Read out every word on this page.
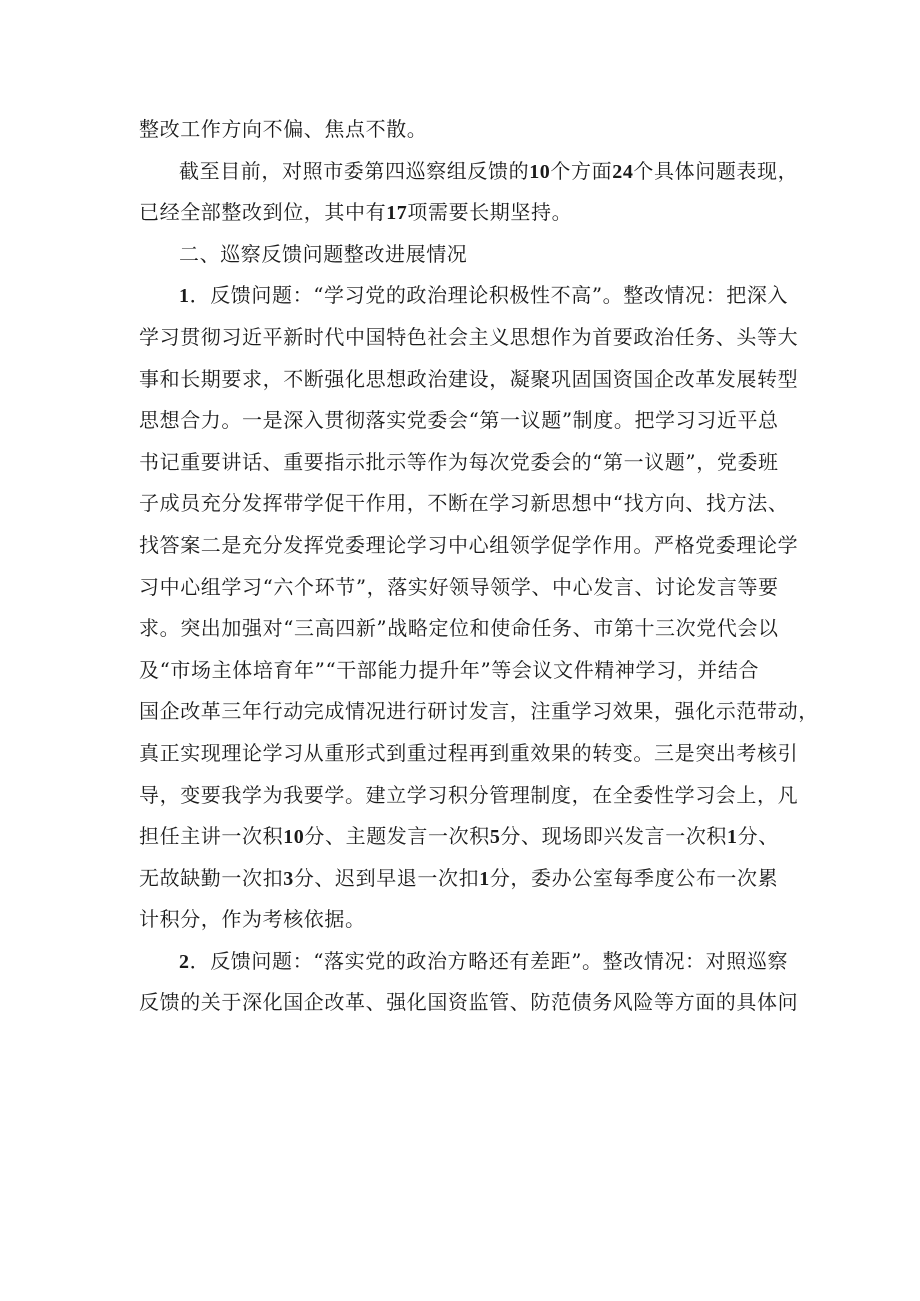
整改工作方向不偏、焦点不散。
截至目前，对照市委第四巡察组反馈的10个方面24个具体问题表现，
已经全部整改到位，其中有17项需要长期坚持。
二、巡察反馈问题整改进展情况
1．反馈问题：“学习党的政治理论积极性不高”。整改情况：把深入
学习贯彻习近平新时代中国特色社会主义思想作为首要政治任务、头等大
事和长期要求，不断强化思想政治建设，凝聚巩固国资国企改革发展转型
思想合力。一是深入贯彻落实党委会“第一议题”制度。把学习习近平总
书记重要讲话、重要指示批示等作为每次党委会的“第一议题”，党委班
子成员充分发挥带学促干作用，不断在学习新思想中“找方向、找方法、
找答案二是充分发挥党委理论学习中心组领学促学作用。严格党委理论学
习中心组学习“六个环节”，落实好领导领学、中心发言、讨论发言等要
求。突出加强对“三高四新”战略定位和使命任务、市第十三次党代会以
及“市场主体培育年”“干部能力提升年”等会议文件精神学习，并结合
国企改革三年行动完成情况进行研讨发言，注重学习效果，强化示范带动，
真正实现理论学习从重形式到重过程再到重效果的转变。三是突出考核引
导，变要我学为我要学。建立学习积分管理制度，在全委性学习会上，凡
担任主讲一次积10分、主题发言一次积5分、现场即兴发言一次积1分、
无故缺勤一次扣3分、迟到早退一次扣1分，委办公室每季度公布一次累
计积分，作为考核依据。
2．反馈问题：“落实党的政治方略还有差距”。整改情况：对照巡察
反馈的关于深化国企改革、强化国资监管、防范债务风险等方面的具体问
